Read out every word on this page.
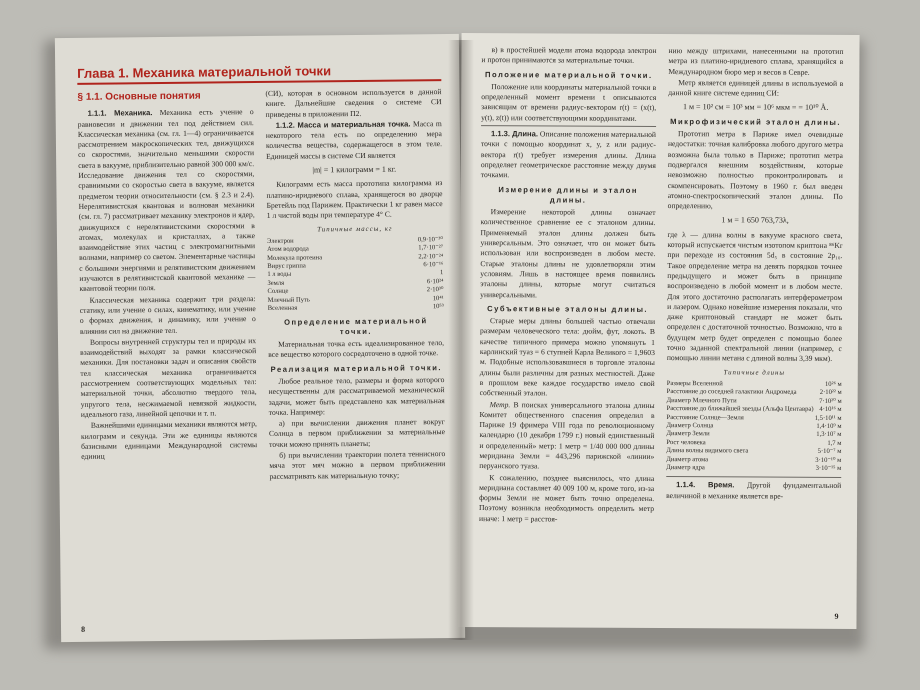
Глава 1. Механика материальной точки
§ 1.1. Основные понятия

1.1.1. Механика. Механика есть учение о равновесии и движении тел под действием сил. Классическая механика (см. гл. 1—4) ограничивается рассмотрением макроскопических тел, движущихся со скоростями, значительно меньшими скорости света в вакууме, приблизительно равной 300 000 км/с. Исследование движения тел со скоростями, сравнимыми со скоростью света в вакууме, является предметом теории относительности (см. § 2.3 и 2.4). Нерелятивистская квантовая и волновая механики (см. гл. 7) рассматривает механику электронов и ядер, движущихся с нерелятивистскими скоростями в атомах, молекулах и кристаллах, а также взаимодействие этих частиц с электромагнитными волнами, например со светом. Элементарные частицы с большими энергиями и релятивистским движением изучаются в релятивистской квантовой механике — квантовой теории поля.

Классическая механика содержит три раздела: статику, или учение о силах, кинематику, или учение о формах движения, и динамику, или учение о влиянии сил на движение тел.

Вопросы внутренней структуры тел и природы их взаимодействий выходят за рамки классической механики. Для постановки задач и описания свойств тел классическая механика ограничивается рассмотрением соответствующих модельных тел: материальной точки, абсолютно твердого тела, упругого тела, несжимаемой невязкой жидкости, идеального газа, линейной цепочки и т. п.

Важнейшими единицами механики являются метр, килограмм и секунда. Эти же единицы являются базисными единицами Международной системы единиц

(СИ), которая в основном используется в данной книге. Дальнейшие сведения о системе СИ приведены в приложении П2.

1.1.2. Масса и материальная точка. Масса m некоторого тела есть по определению мера количества вещества, содержащегося в этом теле. Единицей массы в системе СИ является

|m| = 1 килограмм = 1 кг.

Килограмм есть масса прототипа килограмма из платино-иридиевого сплава, хранящегося во дворце Бретейль под Парижем. Практически 1 кг равен массе 1 л чистой воды при температуре 4° С.

Типичные массы, кг
Электрон	0,9·10⁻³⁰
Атом водорода	1,7·10⁻²⁷
Молекула протеина	2,2·10⁻²⁴
Вирус гриппа	6·10⁻¹⁶
1 л воды	1
Земля	6·10²⁴
Солнце	2·10³⁰
Млечный Путь	10⁴¹
Вселенная	10⁵³
Определение материальной точки.

Материальная точка есть идеализированное тело, все вещество которого сосредоточено в одной точке.

Реализация материальной точки.

Любое реальное тело, размеры и форма которого несущественны для рассматриваемой механической задачи, может быть представлено как материальная точка. Например:

а) при вычислении движения планет вокруг Солнца в первом приближении за материальные точки можно принять планеты;

б) при вычислении траектории полета теннисного мяча этот мяч можно в первом приближении рассматривать как материальную точку;

8

в) в простейшей модели атома водорода электрон и протон принимаются за материальные точки.

Положение материальной точки.

Положение или координаты материальной точки в определенный момент времени t описываются зависящим от времени радиус-вектором r(t) = (x(t), y(t), z(t)) или соответствующими координатами.

1.1.3. Длина. Описание положения материальной точки с помощью координат x, y, z или радиус-вектора r(t) требует измерения длины. Длина определяет геометрическое расстояние между двумя точками.

Измерение длины и эталон длины.

Измерение некоторой длины означает количественное сравнение ее с эталоном длины. Применяемый эталон длины должен быть универсальным. Это означает, что он может быть использован или воспроизведен в любом месте. Старые эталоны длины не удовлетворяли этим условиям. Лишь в настоящее время появились эталоны длины, которые могут считаться универсальными.

Субъективные эталоны длины.

Старые меры длины большей частью отвечали размерам человеческого тела: дюйм, фут, локоть. В качестве типичного примера можно упомянуть 1 карлинский туаз = 6 ступней Карла Великого = 1,9603 м. Подобные использовавшиеся в торговле эталоны длины были различны для разных местностей. Даже в прошлом веке каждое государство имело свой собственный эталон.

Метр. В поисках универсального эталона длины Комитет общественного спасения определил в Париже 19 фримера VIII года по революционному календарю (10 декабря 1799 г.) новый единственный и определенный» метр: 1 метр = 1/40 000 000 длины меридиана Земли = 443,296 парижской «линии» перуанского туаза.

К сожалению, позднее выяснилось, что длина меридиана составляет 40 009 100 м, кроме того, из-за формы Земли не может быть точно определена. Поэтому возникла необходимость определить метр иначе: 1 метр = расстоя-

нию между штрихами, нанесенными на прототип метра из платино-иридиевого сплава, хранящийся в Международном бюро мер и весов в Севре.

Метр является единицей длины в используемой в данной книге системе единиц СИ:

1 м = 10² см = 10³ мм = 10⁶ мкм = = 10¹⁰ Å.
Микрофизический эталон длины.

Прототип метра в Париже имел очевидные недостатки: точная калибровка любого другого метра возможна была только в Париже; прототип метра подвергался внешним воздействиям, которые невозможно полностью проконтролировать и скомпенсировать. Поэтому в 1960 г. был введен атомно-спектроскопический эталон длины. По определению,

1 м = 1 650 763,73λ,

где λ — длина волны в вакууме красного света, который испускается чистым изотопом криптона ⁸⁶Kr при переходе из состояния 5d₅ в состояние 2p₁₀. Такое определение метра на девять порядков точнее предыдущего и может быть в принципе воспроизведено в любой момент и в любом месте. Для этого достаточно располагать интерферометром и лазером. Однако новейшие измерения показали, что даже криптоновый стандарт не может быть определен с достаточной точностью. Возможно, что в будущем метр будет определен с помощью более точно заданной спектральной линии (например, с помощью линии метана с длиной волны 3,39 мкм).

Типичные длины
Размеры Вселенной	10²⁶ м
Расстояние до соседней галактики Андромеда	2·10²² м
Диаметр Млечного Пути	7·10²⁰ м
Расстояние до ближайшей звезды (Альфа Центавра)	4·10¹⁶ м
Расстояние Солнце—Земля	1,5·10¹¹ м
Диаметр Солнца	1,4·10⁹ м
Диаметр Земли	1,3·10⁷ м
Рост человека	1,7 м
Длина волны видимого света	5·10⁻⁷ м
Диаметр атома	3·10⁻¹⁰ м
Диаметр ядра	3·10⁻¹⁵ м

1.1.4. Время. Другой фундаментальной величиной в механике является вре-

9
